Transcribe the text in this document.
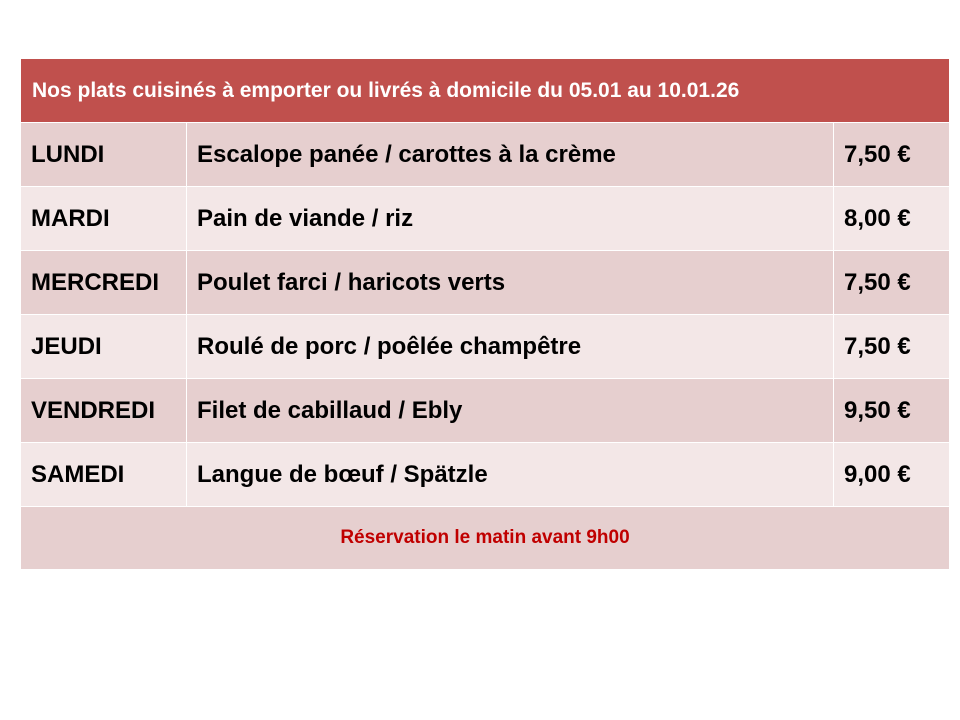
Nos plats cuisinés à emporter ou livrés à domicile du 05.01 au 10.01.26		
LUNDI	Escalope panée / carottes à la crème	7,50 €
MARDI	Pain de viande / riz	8,00 €
MERCREDI	Poulet farci / haricots verts	7,50 €
JEUDI	Roulé de porc / poêlée champêtre	7,50 €
VENDREDI	Filet de cabillaud / Ebly	9,50 €
SAMEDI	Langue de bœuf / Spätzle	9,00 €
Réservation le matin avant 9h00		
